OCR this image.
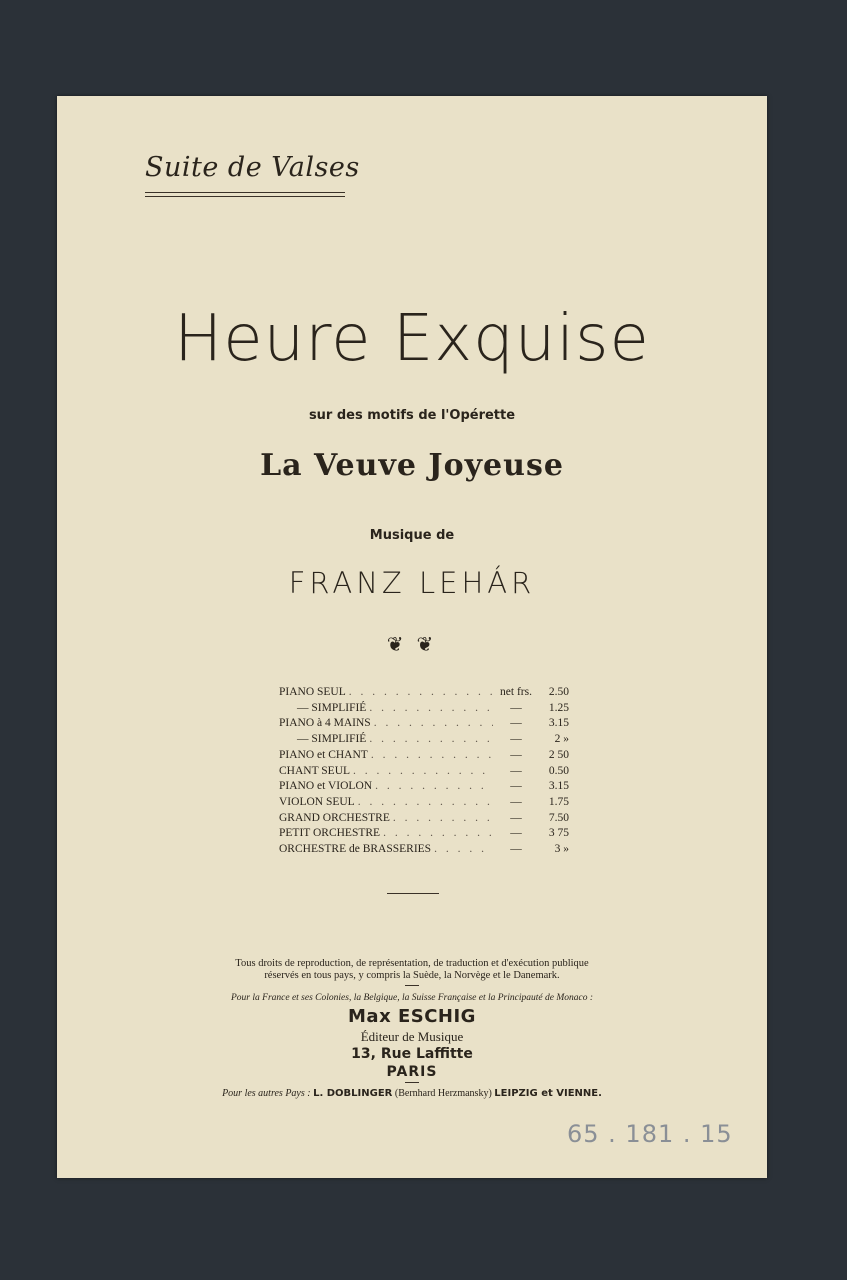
Suite de Valses
Heure Exquise
sur des motifs de l'Opérette
La Veuve Joyeuse
Musique de
FRANZ LEHÁR
❦ ❦
PIANO SEUL . . .	net frs.	2.50
— SIMPLIFIÉ . . .	—	1.25
PIANO à 4 MAINS . . .	—	3.15
— SIMPLIFIÉ . . .	—	2 »
PIANO et CHANT . . .	—	2 50
CHANT SEUL . . .	—	0.50
PIANO et VIOLON . . .	—	3.15
VIOLON SEUL . . .	—	1.75
GRAND ORCHESTRE . . .	—	7.50
PETIT ORCHESTRE . . .	—	3 75
ORCHESTRE de BRASSERIES . . .	—	3 »
Tous droits de reproduction, de représentation, de traduction et d'exécution publique
réservés en tous pays, y compris la Suède, la Norvège et le Danemark.
Pour la France et ses Colonies, la Belgique, la Suisse Française et la Principauté de Monaco :
Max ESCHIG
Éditeur de Musique
13, Rue Laffitte
PARIS
Pour les autres Pays : L. DOBLINGER (Bernhard Herzmansky) LEIPZIG et VIENNE.
65 . 181 . 15
